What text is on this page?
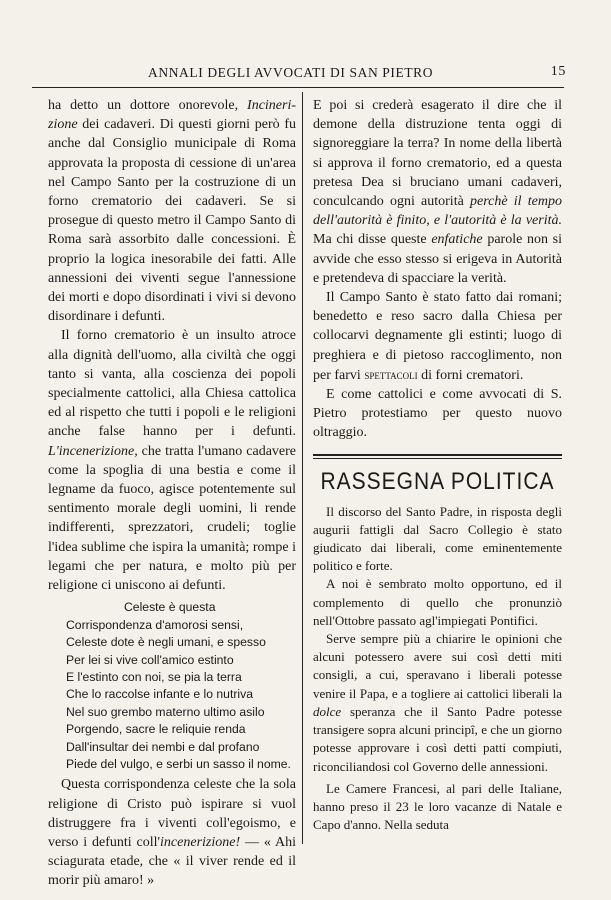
ANNALI DEGLI AVVOCATI DI SAN PIETRO	15

ha detto un dottore onorevole, Incineri-zione dei cadaveri. Di questi giorni però fu anche dal Consiglio municipale di Roma approvata la proposta di cessione di un'area nel Campo Santo per la costruzione di un forno crematorio dei cadaveri. Se si prosegue di questo metro il Campo Santo di Roma sarà assorbito dalle concessioni. È proprio la logica inesorabile dei fatti. Alle annessioni dei viventi segue l'annessione dei morti e dopo disordinati i vivi si devono disordinare i defunti.

Il forno crematorio è un insulto atroce alla dignità dell'uomo, alla civiltà che oggi tanto si vanta, alla coscienza dei popoli specialmente cattolici, alla Chiesa cattolica ed al rispetto che tutti i popoli e le religioni anche false hanno per i defunti. L'incenerizione, che tratta l'umano cadavere come la spoglia di una bestia e come il legname da fuoco, agisce potentemente sul sentimento morale degli uomini, li rende indifferenti, sprezzatori, crudeli; toglie l'idea sublime che ispira la umanità; rompe i legami che per natura, e molto più per religione ci uniscono ai defunti.

Celeste è questa
Corrispondenza d'amorosi sensi,
Celeste dote è negli umani, e spesso
Per lei si vive coll'amico estinto
E l'estinto con noi, se pia la terra
Che lo raccolse infante e lo nutriva
Nel suo grembo materno ultimo asilo
Porgendo, sacre le reliquie renda
Dall'insultar dei nembi e dal profano
Piede del vulgo, e serbi un sasso il nome.

Questa corrispondenza celeste che la sola religione di Cristo può ispirare si vuol distruggere fra i viventi coll'egoismo, e verso i defunti coll'incenerizione! — « Ahi sciagurata etade, che « il viver rende ed il morir più amaro! »

E poi si crederà esagerato il dire che il demone della distruzione tenta oggi di signoreggiare la terra? In nome della libertà si approva il forno crematorio, ed a questa pretesa Dea si bruciano umani cadaveri, conculcando ogni autorità perchè il tempo dell'autorità è finito, e l'autorità è la verità. Ma chi disse queste enfatiche parole non si avvide che esso stesso si erigeva in Autorità e pretendeva di spacciare la verità.

Il Campo Santo è stato fatto dai romani; benedetto e reso sacro dalla Chiesa per collocarvi degnamente gli estinti; luogo di preghiera e di pietoso raccoglimento, non per farvi spettacoli di forni crematori.

E come cattolici e come avvocati di S. Pietro protestiamo per questo nuovo oltraggio.

RASSEGNA POLITICA

Il discorso del Santo Padre, in risposta degli augurii fattigli dal Sacro Collegio è stato giudicato dai liberali, come eminentemente politico e forte.

A noi è sembrato molto opportuno, ed il complemento di quello che pronunziò nell'Ottobre passato agl'impiegati Pontifici.

Serve sempre più a chiarire le opinioni che alcuni potessero avere sui così detti miti consigli, a cui, speravano i liberali potesse venire il Papa, e a togliere ai cattolici liberali la dolce speranza che il Santo Padre potesse transigere sopra alcuni principî, e che un giorno potesse approvare i così detti patti compiuti, riconciliandosi col Governo delle annessioni.

Le Camere Francesi, al pari delle Italiane, hanno preso il 23 le loro vacanze di Natale e Capo d'anno. Nella seduta
